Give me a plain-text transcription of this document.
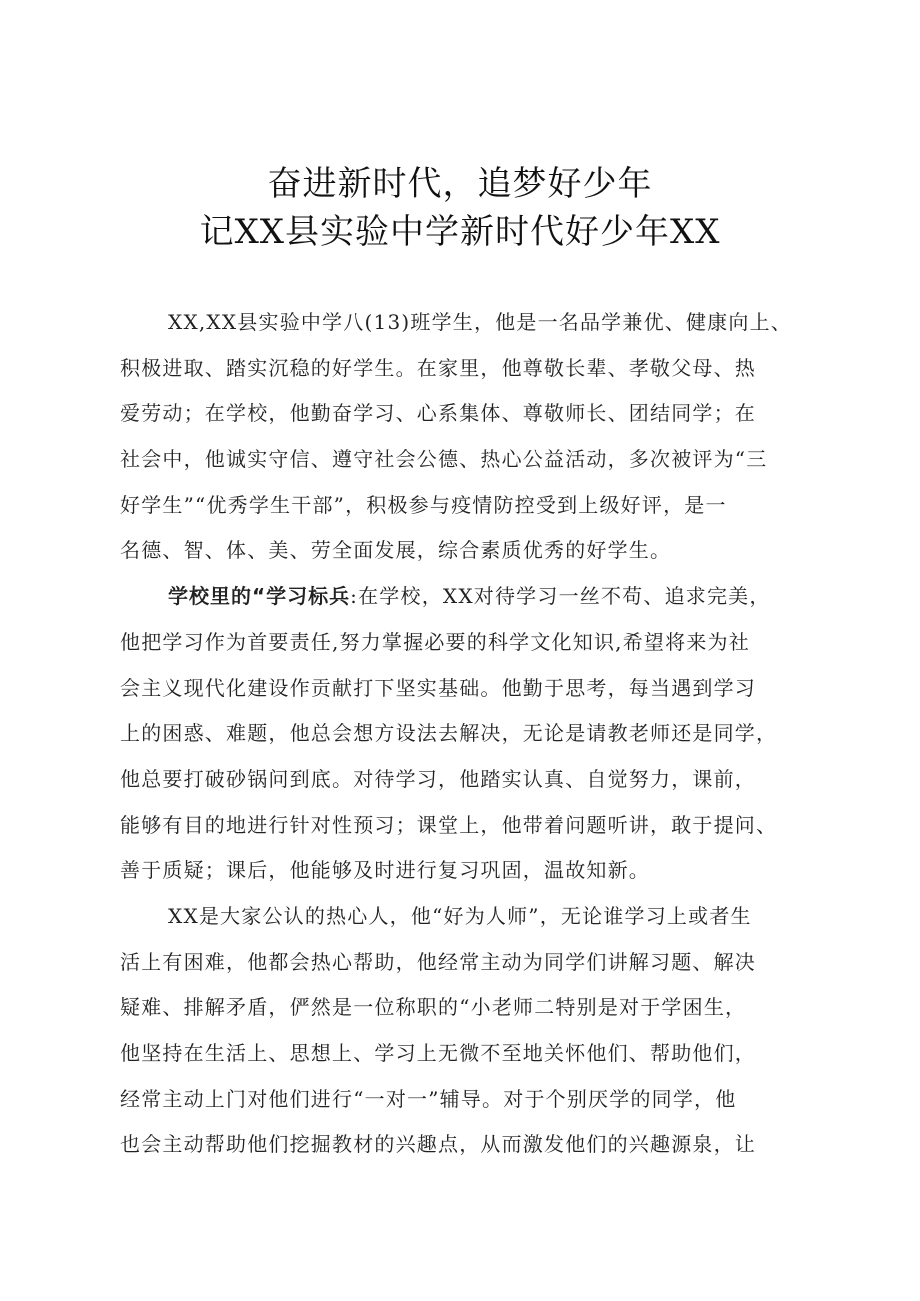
奋进新时代，追梦好少年
记XX县实验中学新时代好少年XX
XX,XX县实验中学八(13)班学生，他是一名品学兼优、健康向上、
积极进取、踏实沉稳的好学生。在家里，他尊敬长辈、孝敬父母、热
爱劳动；在学校，他勤奋学习、心系集体、尊敬师长、团结同学；在
社会中，他诚实守信、遵守社会公德、热心公益活动，多次被评为“三
好学生”“优秀学生干部”，积极参与疫情防控受到上级好评，是一
名德、智、体、美、劳全面发展，综合素质优秀的好学生。
学校里的“学习标兵:在学校，XX对待学习一丝不苟、追求完美，
他把学习作为首要责任,努力掌握必要的科学文化知识,希望将来为社
会主义现代化建设作贡献打下坚实基础。他勤于思考，每当遇到学习
上的困惑、难题，他总会想方设法去解决，无论是请教老师还是同学，
他总要打破砂锅问到底。对待学习，他踏实认真、自觉努力，课前，
能够有目的地进行针对性预习；课堂上，他带着问题听讲，敢于提问、
善于质疑；课后，他能够及时进行复习巩固，温故知新。
XX是大家公认的热心人，他“好为人师”，无论谁学习上或者生
活上有困难，他都会热心帮助，他经常主动为同学们讲解习题、解决
疑难、排解矛盾，俨然是一位称职的“小老师二特别是对于学困生，
他坚持在生活上、思想上、学习上无微不至地关怀他们、帮助他们，
经常主动上门对他们进行“一对一”辅导。对于个别厌学的同学，他
也会主动帮助他们挖掘教材的兴趣点，从而激发他们的兴趣源泉，让
